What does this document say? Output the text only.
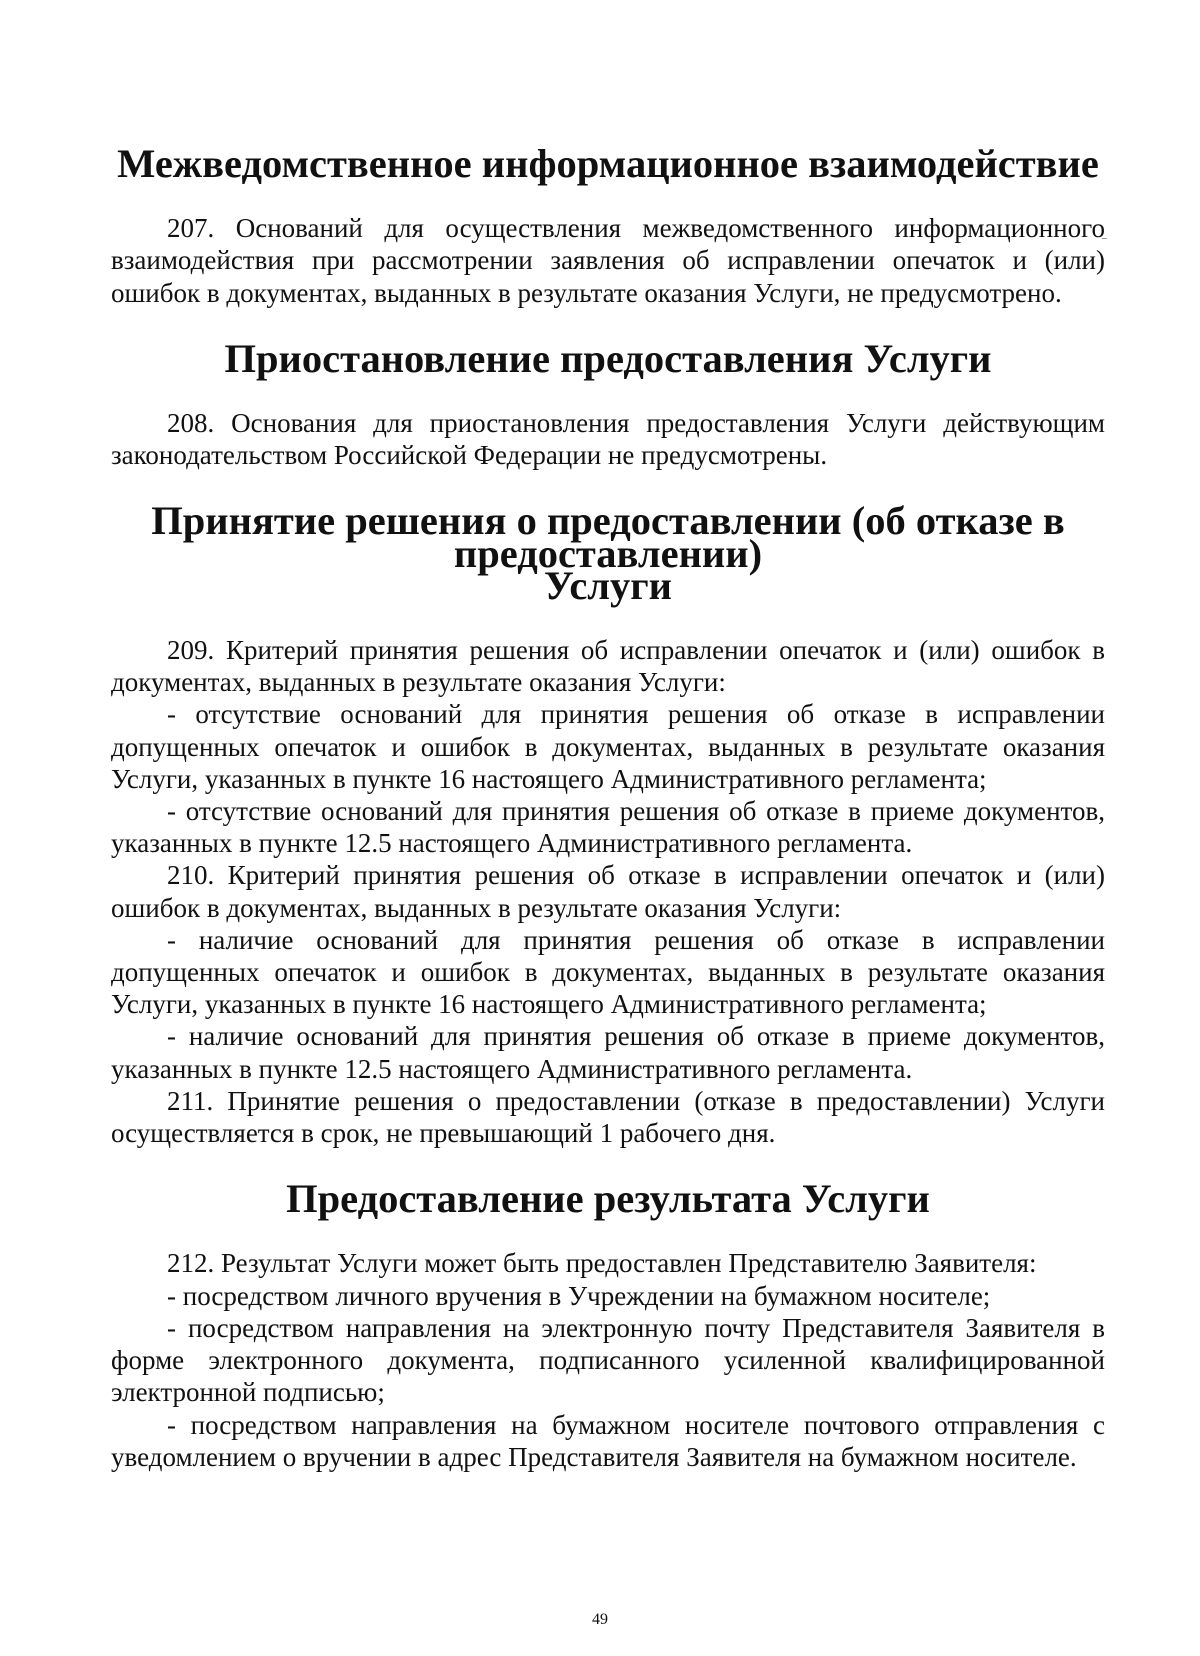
Межведомственное информационное взаимодействие

207. Оснований для осуществления межведомственного информационного взаимодействия при рассмотрении заявления об исправлении опечаток и (или) ошибок в документах, выданных в результате оказания Услуги, не предусмотрено.

Приостановление предоставления Услуги

208. Основания для приостановления предоставления Услуги действующим законодательством Российской Федерации не предусмотрены.

Принятие решения о предоставлении (об отказе в предоставлении)
Услуги

209. Критерий принятия решения об исправлении опечаток и (или) ошибок в документах, выданных в результате оказания Услуги:

- отсутствие оснований для принятия решения об отказе в исправлении допущенных опечаток и ошибок в документах, выданных в результате оказания Услуги, указанных в пункте 16 настоящего Административного регламента;

- отсутствие оснований для принятия решения об отказе в приеме документов, указанных в пункте 12.5 настоящего Административного регламента.

210. Критерий принятия решения об отказе в исправлении опечаток и (или) ошибок в документах, выданных в результате оказания Услуги:

- наличие оснований для принятия решения об отказе в исправлении допущенных опечаток и ошибок в документах, выданных в результате оказания Услуги, указанных в пункте 16 настоящего Административного регламента;

- наличие оснований для принятия решения об отказе в приеме документов, указанных в пункте 12.5 настоящего Административного регламента.

211. Принятие решения о предоставлении (отказе в предоставлении) Услуги осуществляется в срок, не превышающий 1 рабочего дня.

Предоставление результата Услуги

212. Результат Услуги может быть предоставлен Представителю Заявителя:

- посредством личного вручения в Учреждении на бумажном носителе;

- посредством направления на электронную почту Представителя Заявителя в форме электронного документа, подписанного усиленной квалифицированной электронной подписью;

- посредством направления на бумажном носителе почтового отправления с уведомлением о вручении в адрес Представителя Заявителя на бумажном носителе.

49
